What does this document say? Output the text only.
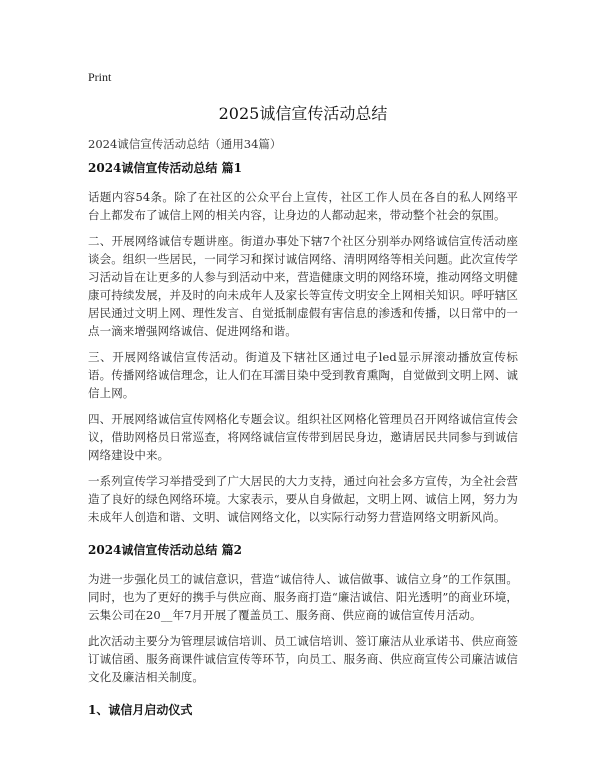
Print
2025诚信宣传活动总结
2024诚信宣传活动总结（通用34篇）
2024诚信宣传活动总结 篇1

话题内容54条。除了在社区的公众平台上宣传，社区工作人员在各自的私人网络平台上都发布了诚信上网的相关内容，让身边的人都动起来，带动整个社会的氛围。

二、开展网络诚信专题讲座。街道办事处下辖7个社区分别举办网络诚信宣传活动座谈会。组织一些居民，一同学习和探讨诚信网络、清明网络等相关问题。此次宣传学习活动旨在让更多的人参与到活动中来，营造健康文明的网络环境，推动网络文明健康可持续发展，并及时的向未成年人及家长等宣传文明安全上网相关知识。呼吁辖区居民通过文明上网、理性发言、自觉抵制虚假有害信息的渗透和传播，以日常中的一点一滴来增强网络诚信、促进网络和谐。

三、开展网络诚信宣传活动。街道及下辖社区通过电子led显示屏滚动播放宣传标语。传播网络诚信理念，让人们在耳濡目染中受到教育熏陶，自觉做到文明上网、诚信上网。

四、开展网络诚信宣传网格化专题会议。组织社区网格化管理员召开网络诚信宣传会议，借助网格员日常巡查，将网络诚信宣传带到居民身边，邀请居民共同参与到诚信网络建设中来。

一系列宣传学习举措受到了广大居民的大力支持，通过向社会多方宣传，为全社会营造了良好的绿色网络环境。大家表示，要从自身做起，文明上网、诚信上网，努力为未成年人创造和谐、文明、诚信网络文化，以实际行动努力营造网络文明新风尚。

2024诚信宣传活动总结 篇2

为进一步强化员工的诚信意识，营造“诚信待人、诚信做事、诚信立身”的工作氛围。同时，也为了更好的携手与供应商、服务商打造“廉洁诚信、阳光透明”的商业环境，云集公司在20__年7月开展了覆盖员工、服务商、供应商的诚信宣传月活动。

此次活动主要分为管理层诚信培训、员工诚信培训、签订廉洁从业承诺书、供应商签订诚信函、服务商课件诚信宣传等环节，向员工、服务商、供应商宣传公司廉洁诚信文化及廉洁相关制度。

1、诚信月启动仪式
